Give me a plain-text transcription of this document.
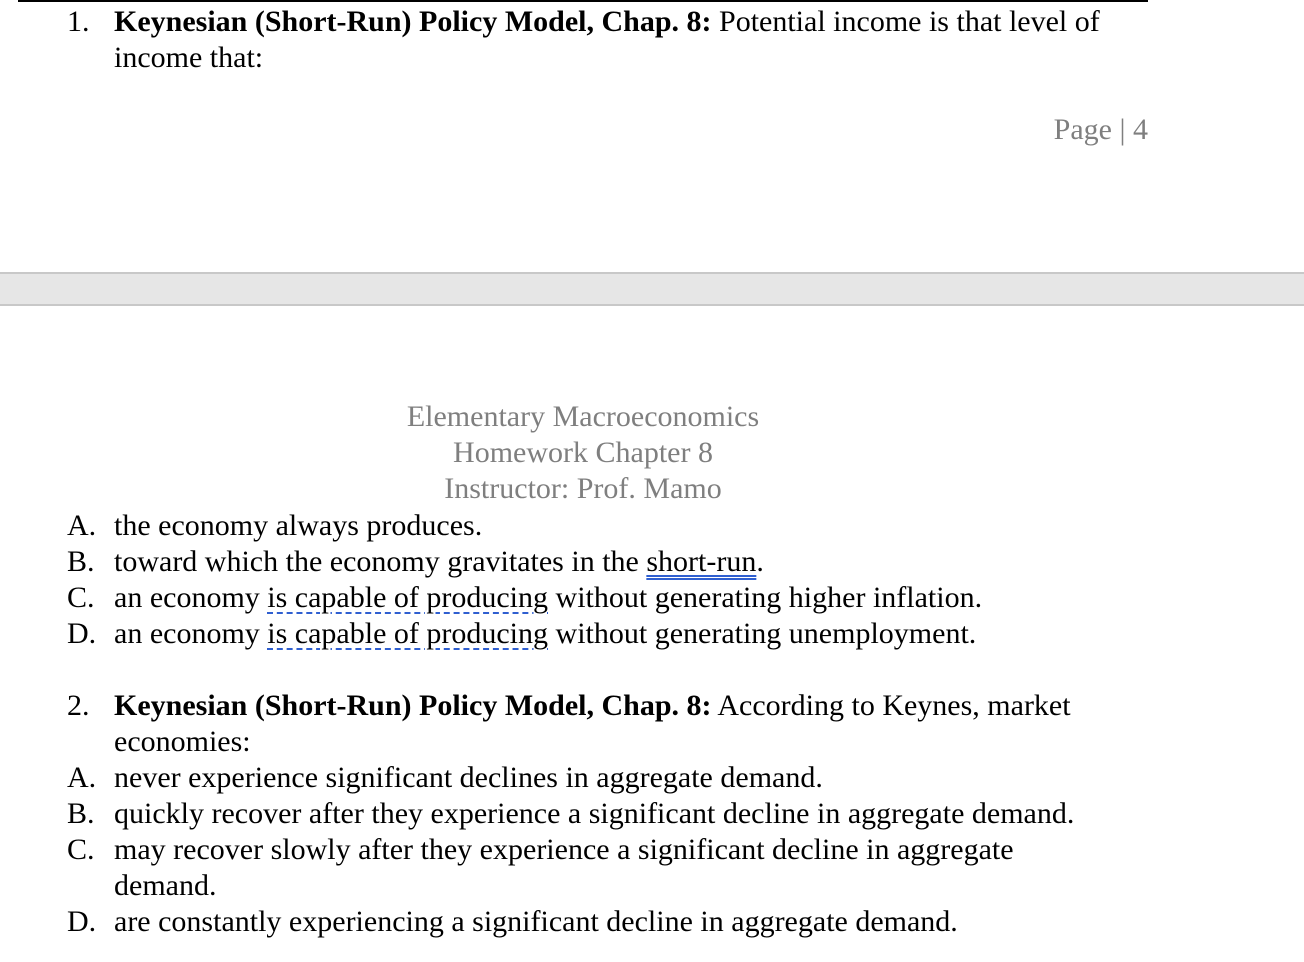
1. Keynesian (Short-Run) Policy Model, Chap. 8: Potential income is that level of
income that:
Page | 4
Elementary Macroeconomics
Homework Chapter 8
Instructor: Prof. Mamo
A. the economy always produces.
B. toward which the economy gravitates in the short-run.
C. an economy is capable of producing without generating higher inflation.
D. an economy is capable of producing without generating unemployment.
2. Keynesian (Short-Run) Policy Model, Chap. 8: According to Keynes, market
economies:
A. never experience significant declines in aggregate demand.
B. quickly recover after they experience a significant decline in aggregate demand.
C. may recover slowly after they experience a significant decline in aggregate
demand.
D. are constantly experiencing a significant decline in aggregate demand.
